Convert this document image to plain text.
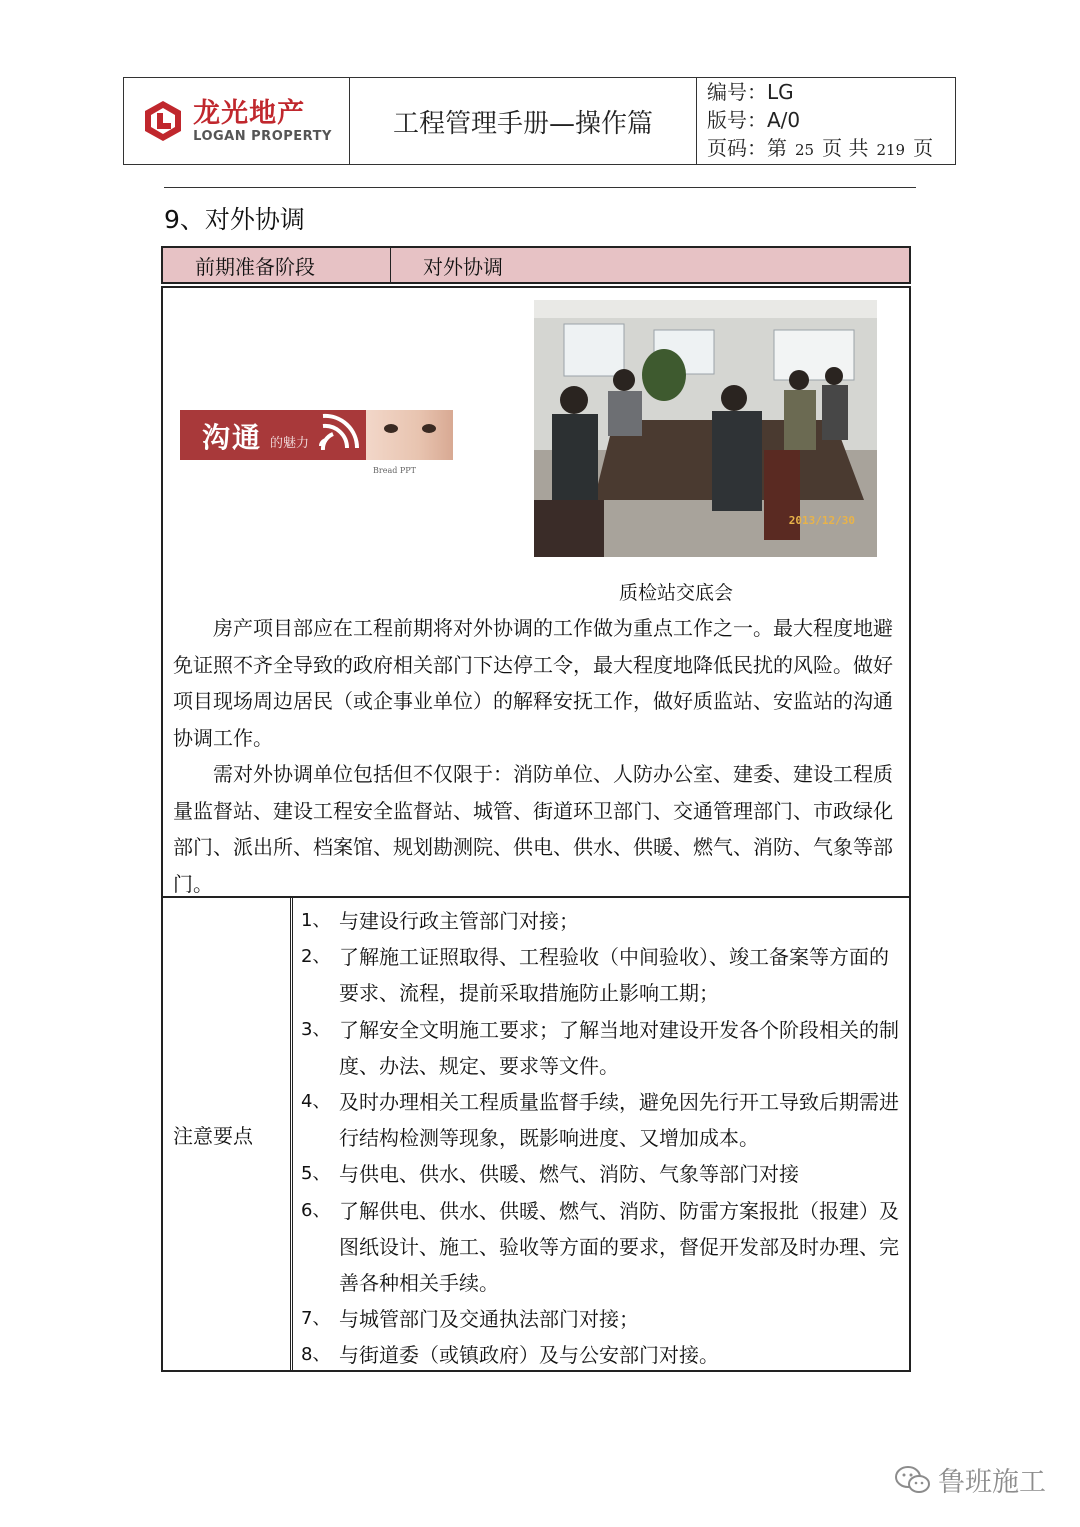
龙光地产
LOGAN PROPERTY	工程管理手册—操作篇
编号：LG
版号：A/0
页码：第 25 页 共 219 页
9、对外协调
前期准备阶段	对外协调
沟通 的魅力
Bread PPT
2013/12/30
质检站交底会

房产项目部应在工程前期将对外协调的工作做为重点工作之一。最大程度地避免证照不齐全导致的政府相关部门下达停工令，最大程度地降低民扰的风险。做好项目现场周边居民（或企事业单位）的解释安抚工作，做好质监站、安监站的沟通协调工作。

需对外协调单位包括但不仅限于：消防单位、人防办公室、建委、建设工程质量监督站、建设工程安全监督站、城管、街道环卫部门、交通管理部门、市政绿化部门、派出所、档案馆、规划勘测院、供电、供水、供暖、燃气、消防、气象等部门。

注意要点
1、 与建设行政主管部门对接；
2、 了解施工证照取得、工程验收（中间验收）、竣工备案等方面的要求、流程，提前采取措施防止影响工期；
3、 了解安全文明施工要求；了解当地对建设开发各个阶段相关的制度、办法、规定、要求等文件。
4、 及时办理相关工程质量监督手续，避免因先行开工导致后期需进行结构检测等现象，既影响进度、又增加成本。
5、 与供电、供水、供暖、燃气、消防、气象等部门对接
6、 了解供电、供水、供暖、燃气、消防、防雷方案报批（报建）及图纸设计、施工、验收等方面的要求，督促开发部及时办理、完善各种相关手续。
7、 与城管部门及交通执法部门对接；
8、 与街道委（或镇政府）及与公安部门对接。
鲁班施工
